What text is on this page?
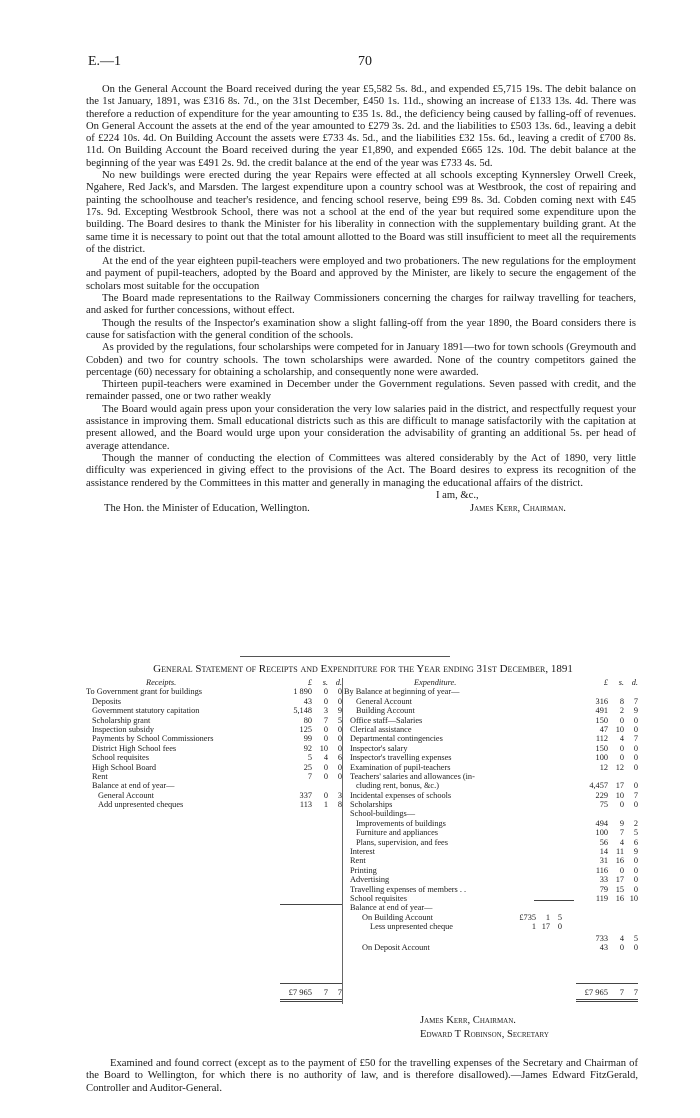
E.—1	70

On the General Account the Board received during the year £5,582 5s. 8d., and expended £5,715 19s. The debit balance on the 1st January, 1891, was £316 8s. 7d., on the 31st December, £450 1s. 11d., showing an increase of £133 13s. 4d. There was therefore a reduction of expenditure for the year amounting to £35 1s. 8d., the deficiency being caused by falling-off of revenues. On General Account the assets at the end of the year amounted to £279 3s. 2d. and the liabilities to £503 13s. 6d., leaving a debit of £224 10s. 4d. On Building Account the assets were £733 4s. 5d., and the liabilities £32 15s. 6d., leaving a credit of £700 8s. 11d. On Building Account the Board received during the year £1,890, and expended £665 12s. 10d. The debit balance at the beginning of the year was £491 2s. 9d. the credit balance at the end of the year was £733 4s. 5d.

No new buildings were erected during the year Repairs were effected at all schools excepting Kynnersley Orwell Creek, Ngahere, Red Jack's, and Marsden. The largest expenditure upon a country school was at Westbrook, the cost of repairing and painting the schoolhouse and teacher's residence, and fencing school reserve, being £99 8s. 3d. Cobden coming next with £45 17s. 9d. Excepting Westbrook School, there was not a school at the end of the year but required some expenditure upon the building. The Board desires to thank the Minister for his liberality in connection with the supplementary building grant. At the same time it is necessary to point out that the total amount allotted to the Board was still insufficient to meet all the requirements of the district.

At the end of the year eighteen pupil-teachers were employed and two probationers. The new regulations for the employment and payment of pupil-teachers, adopted by the Board and approved by the Minister, are likely to secure the engagement of the scholars most suitable for the occupation

The Board made representations to the Railway Commissioners concerning the charges for railway travelling for teachers, and asked for further concessions, without effect.

Though the results of the Inspector's examination show a slight falling-off from the year 1890, the Board considers there is cause for satisfaction with the general condition of the schools.

As provided by the regulations, four scholarships were competed for in January 1891—two for town schools (Greymouth and Cobden) and two for country schools. The town scholarships were awarded. None of the country competitors gained the percentage (60) necessary for obtaining a scholarship, and consequently none were awarded.

Thirteen pupil-teachers were examined in December under the Government regulations. Seven passed with credit, and the remainder passed, one or two rather weakly

The Board would again press upon your consideration the very low salaries paid in the district, and respectfully request your assistance in improving them. Small educational districts such as this are difficult to manage satisfactorily with the capitation at present allowed, and the Board would urge upon your consideration the advisability of granting an additional 5s. per head of average attendance.

Though the manner of conducting the election of Committees was altered considerably by the Act of 1890, very little difficulty was experienced in giving effect to the provisions of the Act. The Board desires to express its recognition of the assistance rendered by the Committees in this matter and generally in managing the educational affairs of the district.

I am, &c.,
The Hon. the Minister of Education, Wellington.	James Kerr, Chairman.
General Statement of Receipts and Expenditure for the Year ending 31st December, 1891
Receipts.	£	s. d.
To Government grant for buildings	1 890	0	0
Deposits	43	0	0
Government statutory capitation	5,148	3	9
Scholarship grant	80	7	5
Inspection subsidy	125	0	0
Payments by School Commissioners	99	0	0
District High School fees	92 10	0
School requisites	5	4	6
High School Board	25	0	0
Rent	7	0	0
Balance at end of year—
General Account	337	0	3
Add unpresented cheques	113	1	8
Expenditure.	£	s. d.
By Balance at beginning of year—
General Account	316	8	7
Building Account	491	2	9
Office staff—Salaries	150	0	0
Clerical assistance	47 10	0
Departmental contingencies	112	4	7
Inspector's salary	150	0	0
Inspector's travelling expenses	100	0	0
Examination of pupil-teachers	12 12	0
Teachers' salaries and allowances (in-
cluding rent, bonus, &c.)	4,457 17	0
Incidental expenses of schools	229 10	7
Scholarships	75	0	0
School-buildings—
Improvements of buildings	494	9	2
Furniture and appliances	100	7	5
Plans, supervision, and fees	56	4	6
Interest	14 11	9
Rent	31 16	0
Printing	116	0	0
Advertising	33 17	0
Travelling expenses of members . .	79 15	0
School requisites	119 16 10
Balance at end of year—
On Building Account	£735	1 5
Less unpresented cheque	1 17 0
733	4	5
On Deposit Account	43	0	0
£7 965	7	7	£7 965	7	7
James Kerr, Chairman.
Edward T Robinson, Secretary

Examined and found correct (except as to the payment of £50 for the travelling expenses of the Secretary and Chairman of the Board to Wellington, for which there is no authority of law, and is therefore disallowed).—James Edward FitzGerald, Controller and Auditor-General.
